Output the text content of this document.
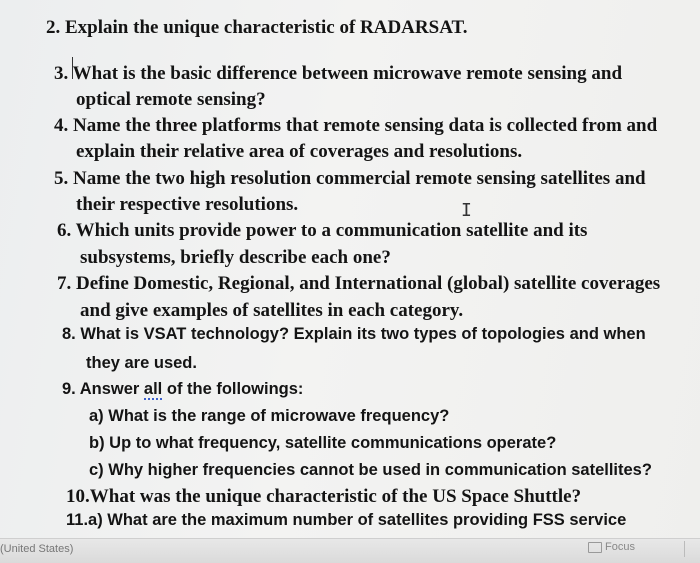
2. Explain the unique characteristic of RADARSAT.
3. What is the basic difference between microwave remote sensing and
optical remote sensing?
4. Name the three platforms that remote sensing data is collected from and
explain their relative area of coverages and resolutions.
5. Name the two high resolution commercial remote sensing satellites and
their respective resolutions.	I
6. Which units provide power to a communication satellite and its
subsystems, briefly describe each one?
7. Define Domestic, Regional, and International (global) satellite coverages
and give examples of satellites in each category.
8. What is VSAT technology? Explain its two types of topologies and when
they are used.
9. Answer all of the followings:
a) What is the range of microwave frequency?
b) Up to what frequency, satellite communications operate?
c) Why higher frequencies cannot be used in communication satellites?
10.What was the unique characteristic of the US Space Shuttle?
11.a) What are the maximum number of satellites providing FSS service
(United States)	Focus
